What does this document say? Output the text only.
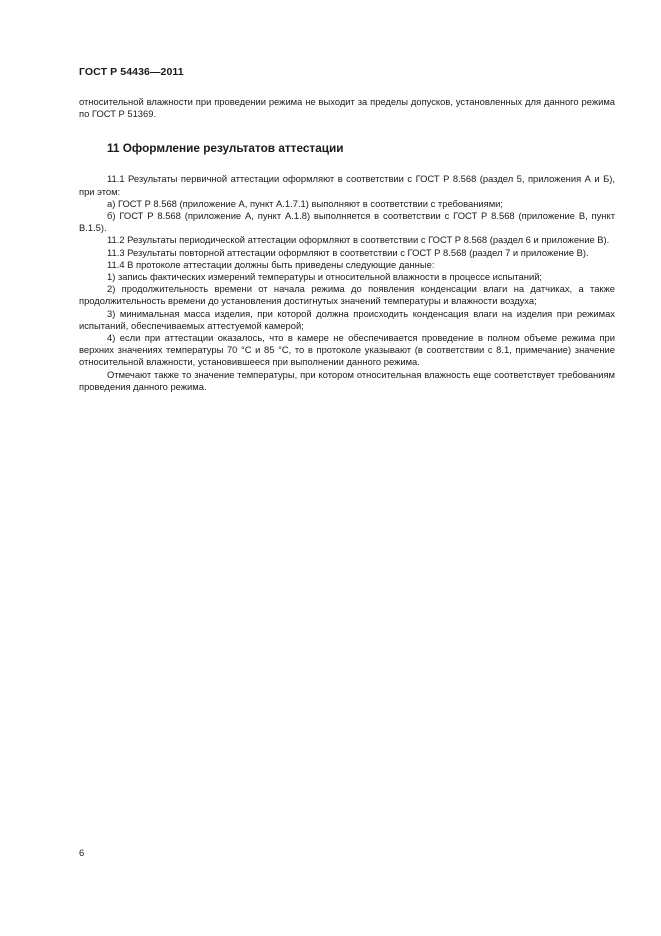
ГОСТ Р 54436—2011

относительной влажности при проведении режима не выходит за пределы допусков, установленных для данного режима по ГОСТ Р 51369.

11 Оформление результатов аттестации

11.1 Результаты первичной аттестации оформляют в соответствии с ГОСТ Р 8.568 (раздел 5, приложения А и Б), при этом:

а) ГОСТ Р 8.568 (приложение А, пункт А.1.7.1) выполняют в соответствии с требованиями;

б) ГОСТ Р 8.568 (приложение А, пункт А.1.8) выполняется в соответствии с ГОСТ Р 8.568 (приложение В, пункт В.1.5).

11.2 Результаты периодической аттестации оформляют в соответствии с ГОСТ Р 8.568 (раздел 6 и приложение В).

11.3 Результаты повторной аттестации оформляют в соответствии с ГОСТ Р 8.568 (раздел 7 и приложение В).

11.4 В протоколе аттестации должны быть приведены следующие данные:

1) запись фактических измерений температуры и относительной влажности в процессе испытаний;

2) продолжительность времени от начала режима до появления конденсации влаги на датчиках, а также продолжительность времени до установления достигнутых значений температуры и влажности воздуха;

3) минимальная масса изделия, при которой должна происходить конденсация влаги на изделия при режимах испытаний, обеспечиваемых аттестуемой камерой;

4) если при аттестации оказалось, что в камере не обеспечивается проведение в полном объеме режима при верхних значениях температуры 70 °С и 85 °С, то в протоколе указывают (в соответствии с 8.1, примечание) значение относительной влажности, установившееся при выполнении данного режима.

Отмечают также то значение температуры, при котором относительная влажность еще соответствует требованиям проведения данного режима.

6
